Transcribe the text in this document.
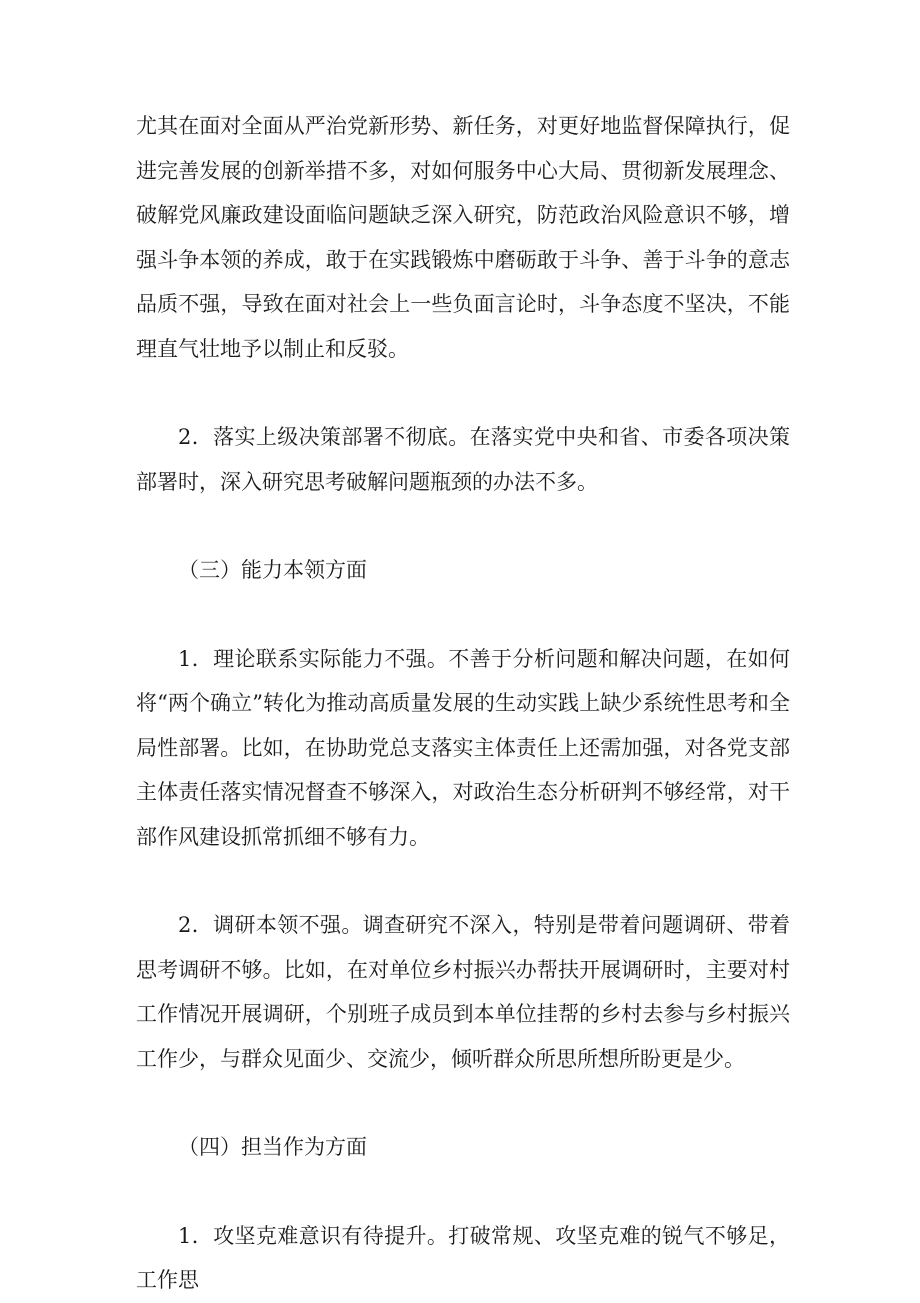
尤其在面对全面从严治党新形势、新任务，对更好地监督保障执行，促进完善发展的创新举措不多，对如何服务中心大局、贯彻新发展理念、破解党风廉政建设面临问题缺乏深入研究，防范政治风险意识不够，增强斗争本领的养成，敢于在实践锻炼中磨砺敢于斗争、善于斗争的意志品质不强，导致在面对社会上一些负面言论时，斗争态度不坚决，不能理直气壮地予以制止和反驳。

2．落实上级决策部署不彻底。在落实党中央和省、市委各项决策部署时，深入研究思考破解问题瓶颈的办法不多。

（三）能力本领方面

1．理论联系实际能力不强。不善于分析问题和解决问题，在如何将“两个确立”转化为推动高质量发展的生动实践上缺少系统性思考和全局性部署。比如，在协助党总支落实主体责任上还需加强，对各党支部主体责任落实情况督查不够深入，对政治生态分析研判不够经常，对干部作风建设抓常抓细不够有力。

2．调研本领不强。调查研究不深入，特别是带着问题调研、带着思考调研不够。比如，在对单位乡村振兴办帮扶开展调研时，主要对村工作情况开展调研，个别班子成员到本单位挂帮的乡村去参与乡村振兴工作少，与群众见面少、交流少，倾听群众所思所想所盼更是少。

（四）担当作为方面

1．攻坚克难意识有待提升。打破常规、攻坚克难的锐气不够足，工作思
